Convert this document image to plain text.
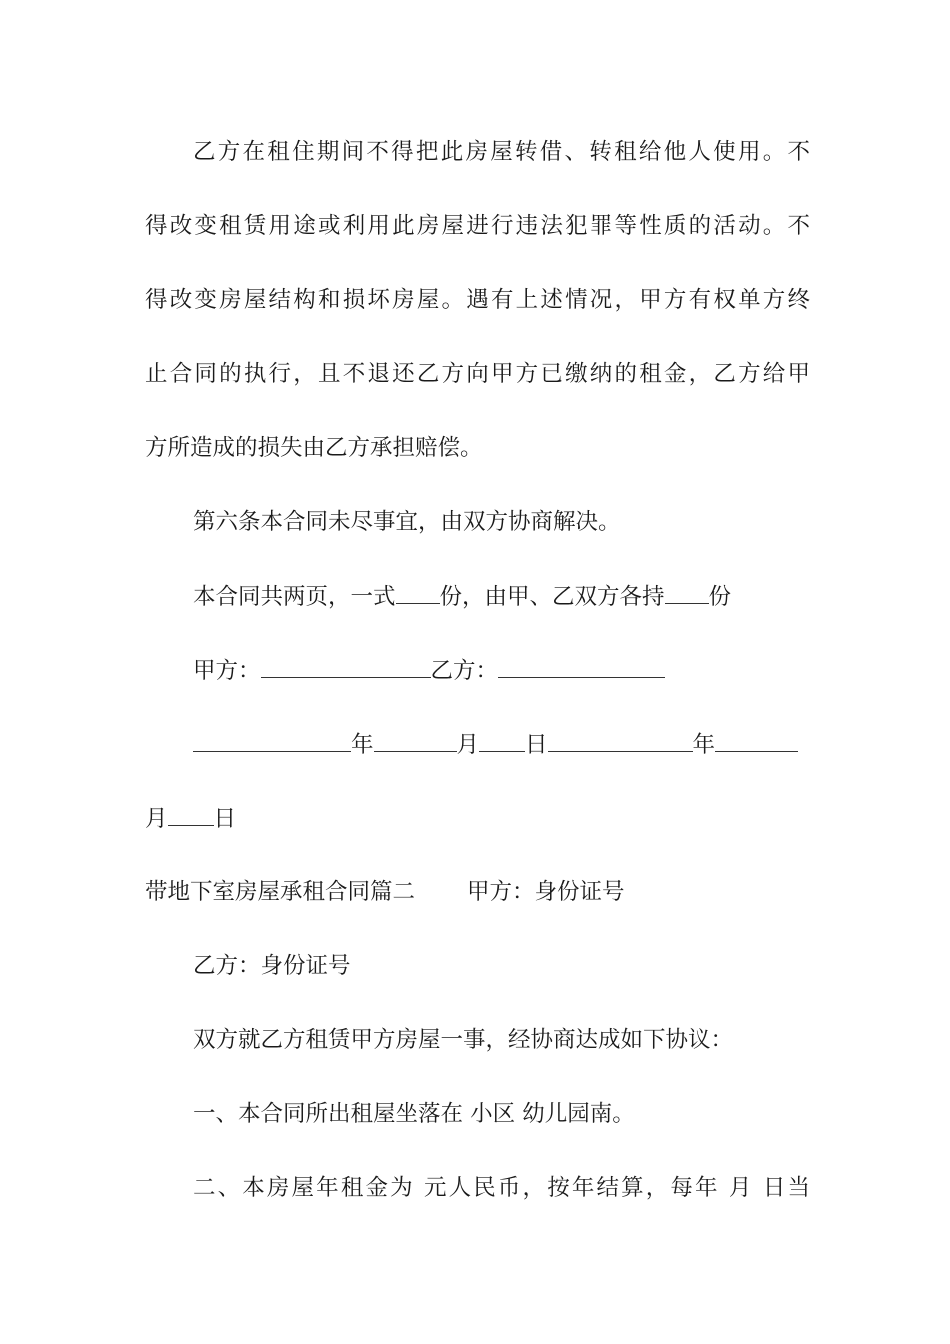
乙方在租住期间不得把此房屋转借、转租给他人使用。不
得改变租赁用途或利用此房屋进行违法犯罪等性质的活动。不
得改变房屋结构和损坏房屋。遇有上述情况，甲方有权单方终
止合同的执行，且不退还乙方向甲方已缴纳的租金，乙方给甲
方所造成的损失由乙方承担赔偿。
第六条本合同未尽事宜，由双方协商解决。
本合同共两页，一式 份，由甲、乙双方各持 份
甲方：	乙方：
年	月 日	年
月 日
带地下室房屋承租合同篇二 甲方：身份证号
乙方：身份证号
双方就乙方租赁甲方房屋一事，经协商达成如下协议：
一、本合同所出租屋坐落在 小区 幼儿园南。
二、本房屋年租金为 元人民币，按年结算，每年 月 日当
